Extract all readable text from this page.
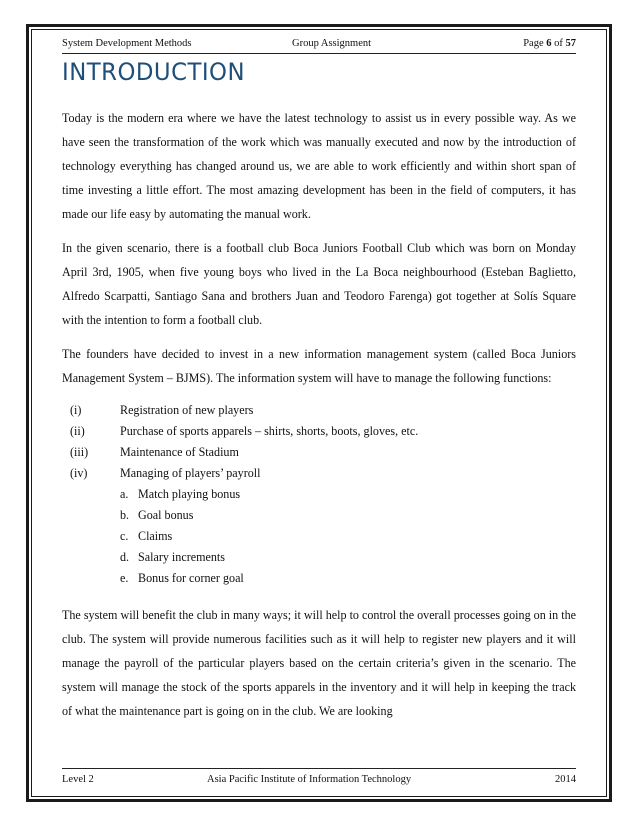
System Development Methods	Group Assignment	Page 6 of 57
INTRODUCTION

Today is the modern era where we have the latest technology to assist us in every possible way. As we have seen the transformation of the work which was manually executed and now by the introduction of technology everything has changed around us, we are able to work efficiently and within short span of time investing a little effort. The most amazing development has been in the field of computers, it has made our life easy by automating the manual work.

In the given scenario, there is a football club Boca Juniors Football Club which was born on Monday April 3rd, 1905, when five young boys who lived in the La Boca neighbourhood (Esteban Baglietto, Alfredo Scarpatti, Santiago Sana and brothers Juan and Teodoro Farenga) got together at Solís Square with the intention to form a football club.

The founders have decided to invest in a new information management system (called Boca Juniors Management System – BJMS). The information system will have to manage the following functions:

(i)	Registration of new players
(ii)	Purchase of sports apparels – shirts, shorts, boots, gloves, etc.
(iii)	Maintenance of Stadium
(iv)	Managing of players’ payroll
a. Match playing bonus
b. Goal bonus
c. Claims
d. Salary increments
e. Bonus for corner goal

The system will benefit the club in many ways; it will help to control the overall processes going on in the club. The system will provide numerous facilities such as it will help to register new players and it will manage the payroll of the particular players based on the certain criteria’s given in the scenario. The system will manage the stock of the sports apparels in the inventory and it will help in keeping the track of what the maintenance part is going on in the club. We are looking

Level 2	Asia Pacific Institute of Information Technology	2014
